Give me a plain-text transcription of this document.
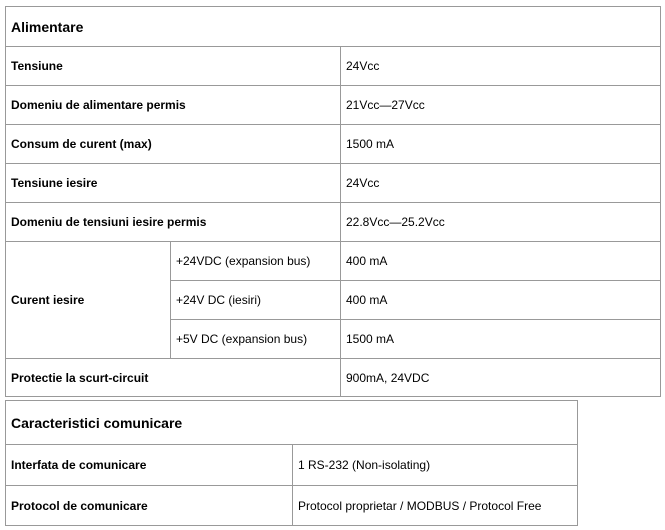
Alimentare		
Tensiune		24Vcc
Domeniu de alimentare permis		21Vcc—27Vcc
Consum de curent (max)		1500 mA
Tensiune iesire		24Vcc
Domeniu de tensiuni iesire permis		22.8Vcc—25.2Vcc
Curent iesire	+24VDC (expansion bus)	400 mA
	+24V DC (iesiri)	400 mA
	+5V DC (expansion bus)	1500 mA
Protectie la scurt-circuit		900mA, 24VDC
Caracteristici comunicare	
Interfata de comunicare	1 RS-232 (Non-isolating)
Protocol de comunicare	Protocol proprietar / MODBUS / Protocol Free
